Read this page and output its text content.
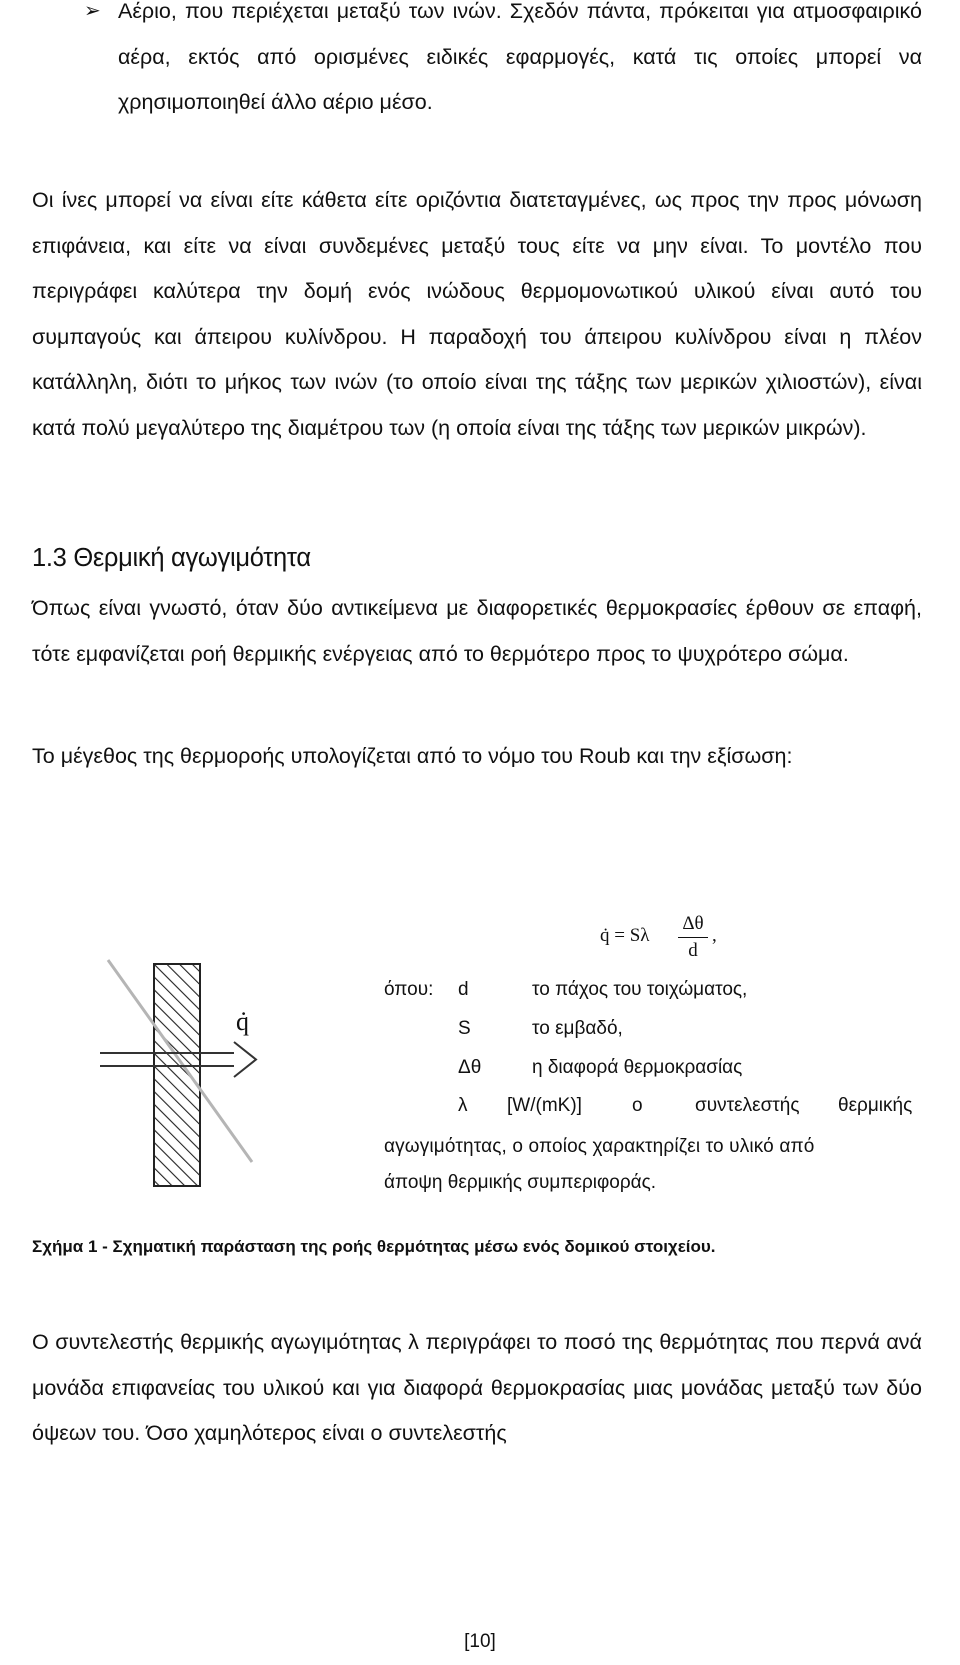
➢ Αέριο, που περιέχεται μεταξύ των ινών. Σχεδόν πάντα, πρόκειται για ατμοσφαιρικό αέρα, εκτός από ορισμένες ειδικές εφαρμογές, κατά τις οποίες μπορεί να χρησιμοποιηθεί άλλο αέριο μέσο.

Οι ίνες μπορεί να είναι είτε κάθετα είτε οριζόντια διατεταγμένες, ως προς την προς μόνωση επιφάνεια, και είτε να είναι συνδεμένες μεταξύ τους είτε να μην είναι. Το μοντέλο που περιγράφει καλύτερα την δομή ενός ινώδους θερμομονωτικού υλικού είναι αυτό του συμπαγούς και άπειρου κυλίνδρου. Η παραδοχή του άπειρου κυλίνδρου είναι η πλέον κατάλληλη, διότι το μήκος των ινών (το οποίο είναι της τάξης των μερικών χιλιοστών), είναι κατά πολύ μεγαλύτερο της διαμέτρου των (η οποία είναι της τάξης των μερικών μικρών).

1.3 Θερμική αγωγιμότητα

Όπως είναι γνωστό, όταν δύο αντικείμενα με διαφορετικές θερμοκρασίες έρθουν σε επαφή, τότε εμφανίζεται ροή θερμικής ενέργειας από το θερμότερο προς το ψυχρότερο σώμα.

Το μέγεθος της θερμοροής υπολογίζεται από το νόμο του Roub και την εξίσωση:

q̇
q̇ = Sλ
Δθ
d
,
όπου: d	το πάχος του τοιχώματος,
S	το εμβαδό,
Δθ	η διαφορά θερμοκρασίας
λ [W/(mK)]	ο	συντελεστής θερμικής
αγωγιμότητας, ο οποίος χαρακτηρίζει το υλικό από
άποψη θερμικής συμπεριφοράς.

Σχήμα 1 - Σχηματική παράσταση της ροής θερμότητας μέσω ενός δομικού στοιχείου.

Ο συντελεστής θερμικής αγωγιμότητας λ περιγράφει το ποσό της θερμότητας που περνά ανά μονάδα επιφανείας του υλικού και για διαφορά θερμοκρασίας μιας μονάδας μεταξύ των δύο όψεων του. Όσο χαμηλότερος είναι ο συντελεστής

[10]
